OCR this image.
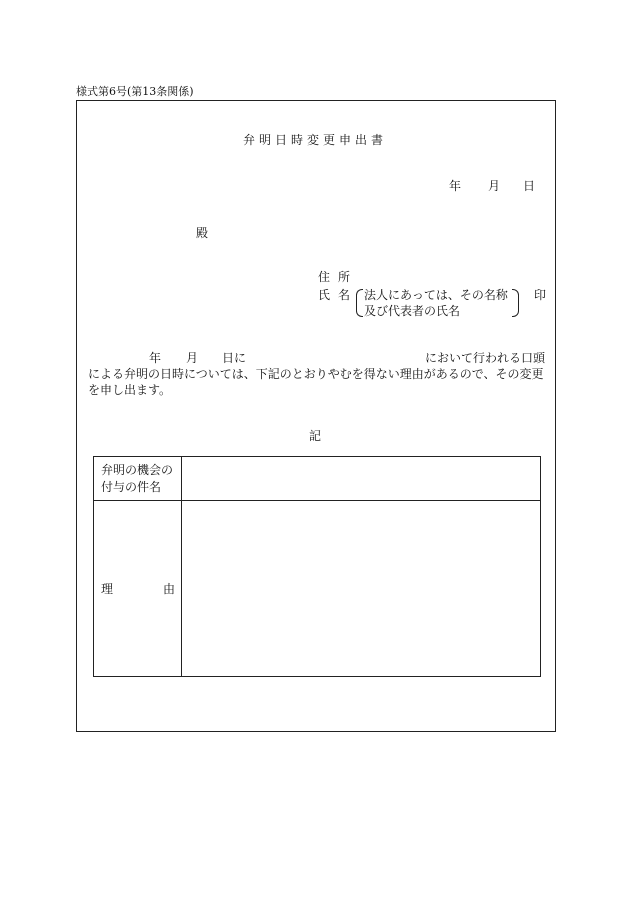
様式第6号(第13条関係)
弁明日時変更申出書
年 月 日
殿
住所
氏名 法人にあっては、その名称
及び代表者の氏名
印
年 月 日に	において行われる口頭
による弁明の日時については、下記のとおりやむを得ない理由があるので、その変更
を申し出ます。
記
弁明の機会の
付与の件名
理	由
